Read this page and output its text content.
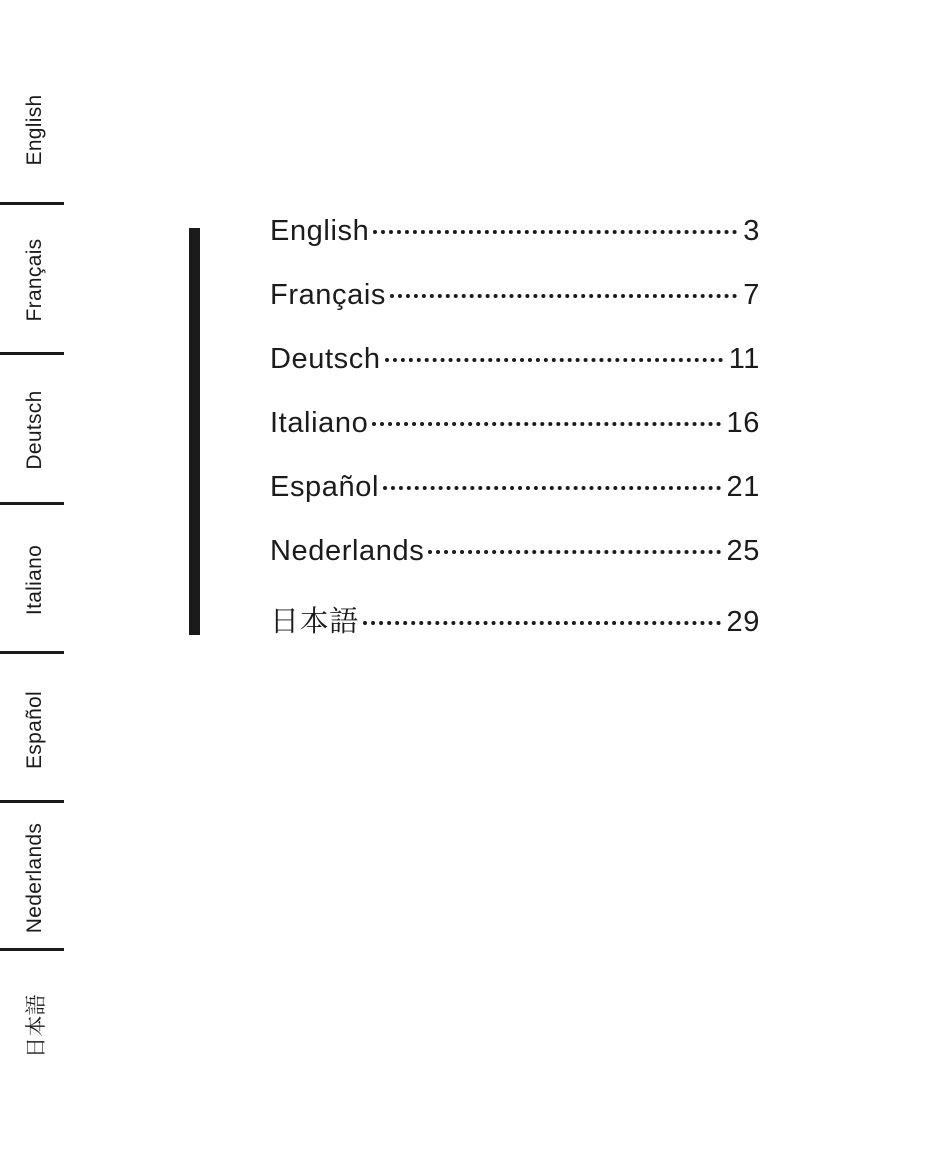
English
Français
Deutsch
Italiano
Español
Nederlands
日本語
English	3
Français	7
Deutsch	11
Italiano	16
Español	21
Nederlands	25
日本語	29
